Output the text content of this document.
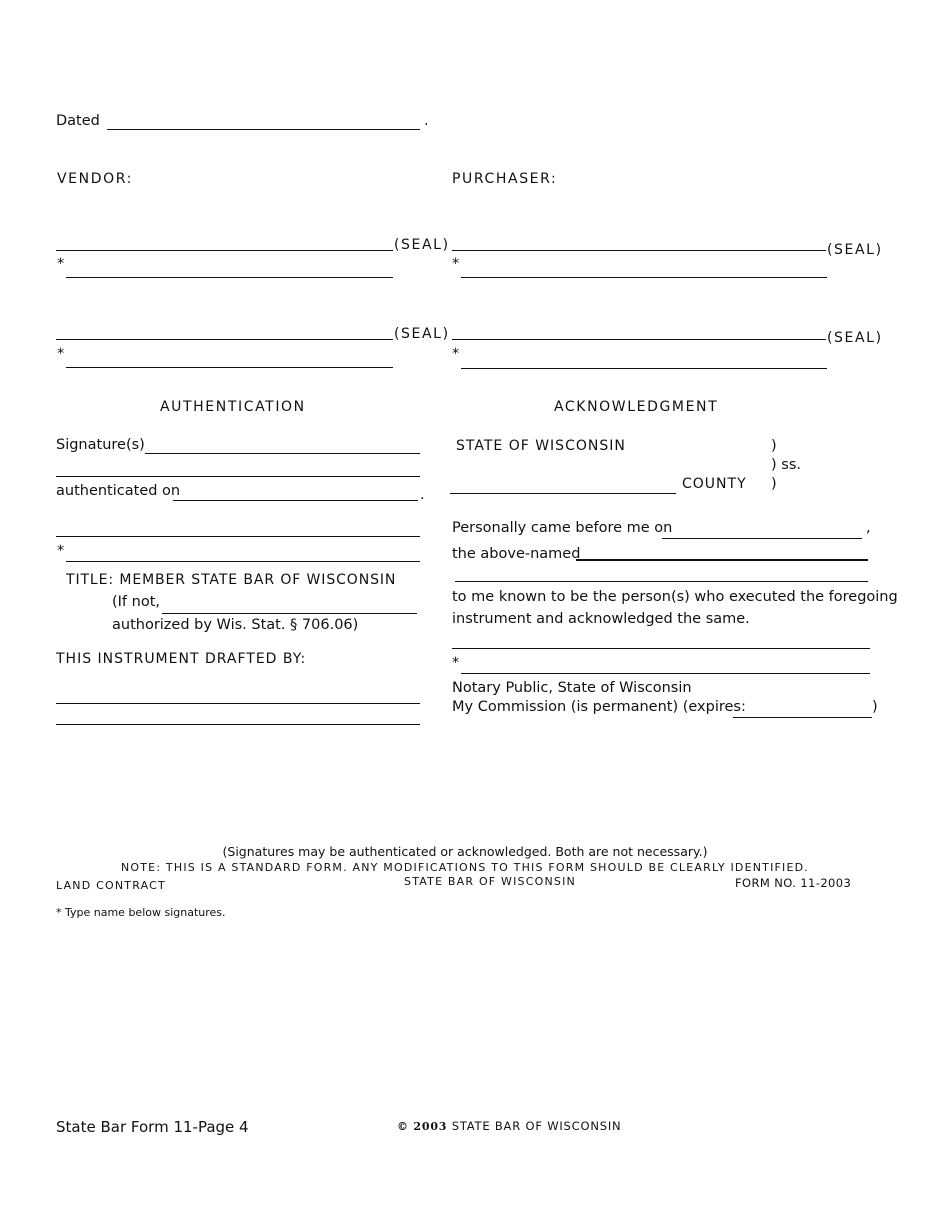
Dated	.
VENDOR:
(SEAL)
*
(SEAL)
*
PURCHASER:
(SEAL)
*
(SEAL)
*
AUTHENTICATION
Signature(s)
authenticated on	.
*
TITLE: MEMBER STATE BAR OF WISCONSIN
(If not,
authorized by Wis. Stat. § 706.06)
THIS INSTRUMENT DRAFTED BY:
ACKNOWLEDGMENT
STATE OF WISCONSIN	)
) ss.
)
COUNTY
Personally came before me on	,
the above-named
to me known to be the person(s) who executed the foregoing
instrument and acknowledged the same.
*
Notary Public, State of Wisconsin
My Commission (is permanent) (expires:	)
(Signatures may be authenticated or acknowledged. Both are not necessary.)
NOTE: THIS IS A STANDARD FORM. ANY MODIFICATIONS TO THIS FORM SHOULD BE CLEARLY IDENTIFIED.
LAND CONTRACT	STATE BAR OF WISCONSIN	FORM NO. 11-2003
* Type name below signatures.
State Bar Form 11-Page 4	© 2003 STATE BAR OF WISCONSIN
